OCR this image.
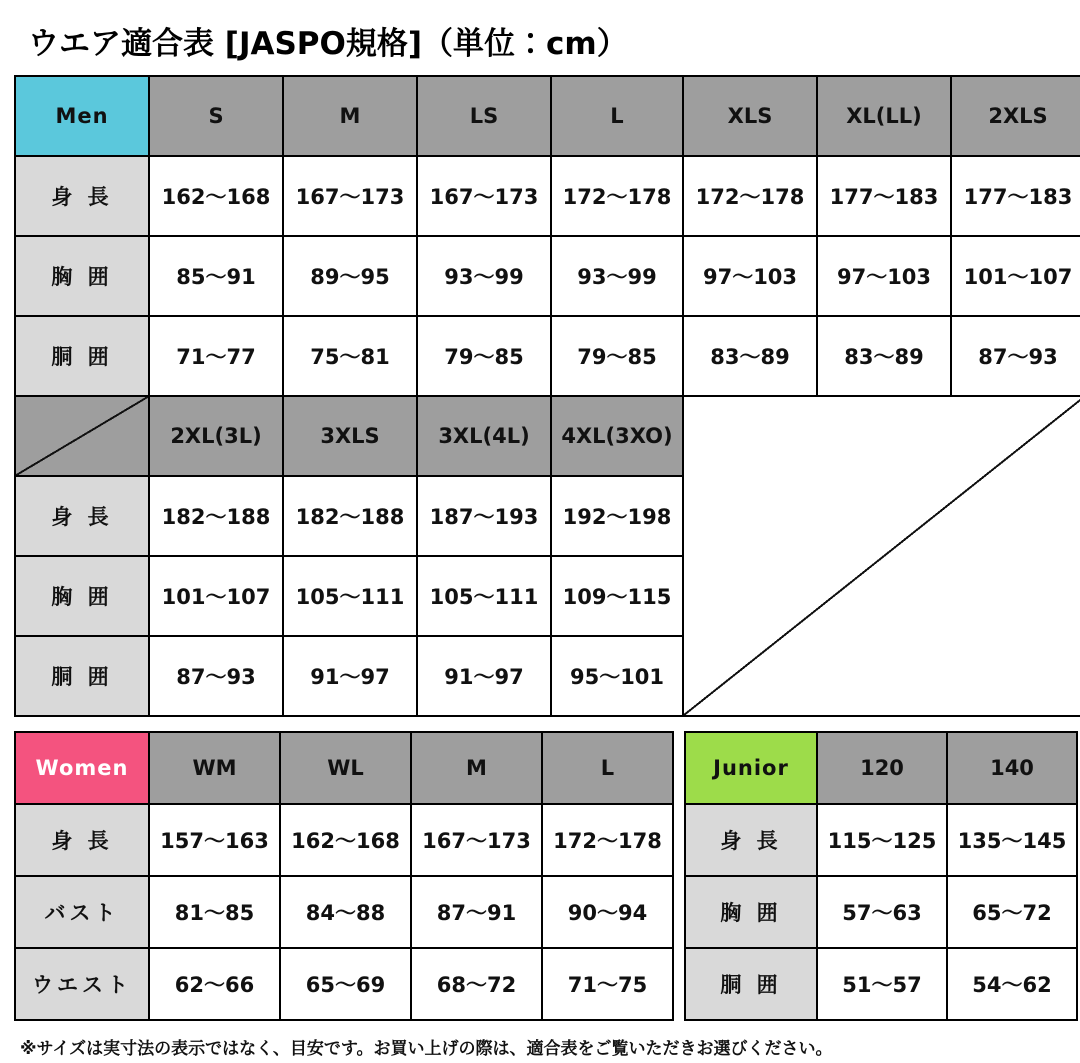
ウエア適合表 [JASPO規格]（単位：cm）
Men	S	M	LS	L	XLS	XL(LL)	2XLS
身 長	162〜168	167〜173	167〜173	172〜178	172〜178	177〜183	177〜183
胸 囲	85〜91	89〜95	93〜99	93〜99	97〜103	97〜103	101〜107
胴 囲	71〜77	75〜81	79〜85	79〜85	83〜89	83〜89	87〜93
	2XL(3L)	3XLS	3XL(4L)	4XL(3XO)			
身 長	182〜188	182〜188	187〜193	192〜198			
胸 囲	101〜107	105〜111	105〜111	109〜115			
胴 囲	87〜93	91〜97	91〜97	95〜101			
Women	WM	WL	M	L
身 長	157〜163	162〜168	167〜173	172〜178
バスト	81〜85	84〜88	87〜91	90〜94
ウエスト	62〜66	65〜69	68〜72	71〜75
Junior	120	140
身 長	115〜125	135〜145
胸 囲	57〜63	65〜72
胴 囲	51〜57	54〜62
※サイズは実寸法の表示ではなく、目安です。お買い上げの際は、適合表をご覧いただきお選びください。
